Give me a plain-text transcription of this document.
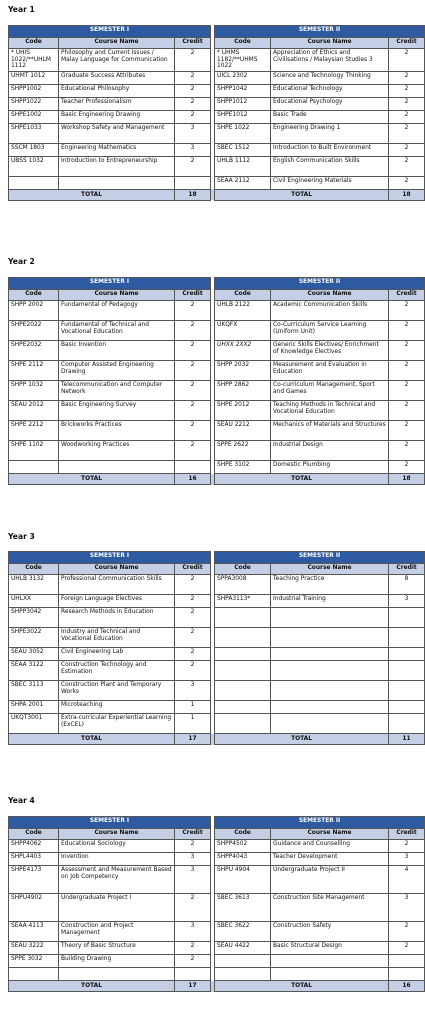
Year 1
SEMESTER I				SEMESTER II		
Code	Course Name	Credit		Code	Course Name	Credit
* UHIS 1022/**UHLM 1112	Philosophy and Current Issues / Malay Language for Communication	2		* UHMS 1182/**UHMS 1022	Appreciation of Ethics and Civilisations / Malaysian Studies 3	2
UHMT 1012	Graduate Success Attributes	2		UICL 2302	Science and Technology Thinking	2
SHPP1002	Educational Philosophy	2		SHPP1042	Educational Technology	2
SHPP1022	Teacher Professionalism	2		SHPP1012	Educational Psychology	2
SHPE1002	Basic Engineering Drawing	2		SHPE1012	Basic Trade	2
SHPE1033	Workshop Safety and Management	3		SHPE 1022	Engineering Drawing 1	2
SSCM 1803	Engineering Mathematics	3		SBEC 1512	Introduction to Built Environment	2
UBSS 1032	Introduction to Entrepreneurship	2		UHLB 1112	English Communication Skills	2
				SEAA 2112	Civil Engineering Materials	2
TOTAL		18		TOTAL		18
Year 2
SEMESTER I				SEMESTER II		
Code	Course Name	Credit		Code	Course Name	Credit
SHPP 2002	Fundamental of Pedagogy	2		UHLB 2122	Academic Communication Skills	2
SHPE2022	Fundamental of Technical and Vocational Education	2		UKQFX	Co-Curriculum Service Learning (Uniform Unit)	2
SHPE2032	Basic Invention	2		UHXX 2XX2	Generic Skills Electives/ Enrichment of Knowledge Electives	2
SHPE 2112	Computer Assisted Engineering Drawing	2		SHPP 2032	Measurement and Evaluation in Education	2
SHPP 1032	Telecommunication and Computer Network	2		SHPP 2862	Co-curriculum Management, Sport and Games	2
SEAU 2012	Basic Engineering Survey	2		SHPE 2012	Teaching Methods in Technical and Vocational Education	2
SHPE 2212	Brickworks Practices	2		SEAU 2212	Mechanics of Materials and Structures	2
SHPE 1102	Woodworking Practices	2		SPPE 2622	Industrial Design	2
				SHPE 3102	Domestic Plumbing	2
TOTAL		16		TOTAL		18
Year 3
SEMESTER I				SEMESTER II		
Code	Course Name	Credit		Code	Course Name	Credit
UHLB 3132	Professional Communication Skills	2		SPPA3008	Teaching Practice	8
UHLXX	Foreign Language Electives	2		SHPA3113*	Industrial Training	3
SHPP3042	Research Methods in Education	2				
SHPE3022	Industry and Technical and Vocational Education	2				
SEAU 3052	Civil Engineering Lab	2				
SEAA 3122	Construction Technology and Estimation	2				
SBEC 3113	Construction Plant and Temporary Works	3				
SHPA 2001	Microteaching	1				
UKQT3001	Extra-curricular Experiential Learning (ExCEL)	1				
TOTAL		17		TOTAL		11
Year 4
SEMESTER I				SEMESTER II		
Code	Course Name	Credit		Code	Course Name	Credit
SHPP4062	Educational Sociology	2		SHPP4502	Guidance and Counselling	2
SHPL4403	Invention	3		SHPP4043	Teacher Development	3
SHPE4173	Assessment and Measurement Based on Job Competency	3		SHPU 4904	Undergraduate Project II	4
SHPU4902	Undergraduate Project I	2		SBEC 3613	Construction Site Management	3
SEAA 4113	Construction and Project Management	3		SBEC 3622	Construction Safety	2
SEAU 3222	Theory of Basic Structure	2		SEAU 4422	Basic Structural Design	2
SPPE 3032	Building Drawing	2				

TOTAL		17		TOTAL		16
